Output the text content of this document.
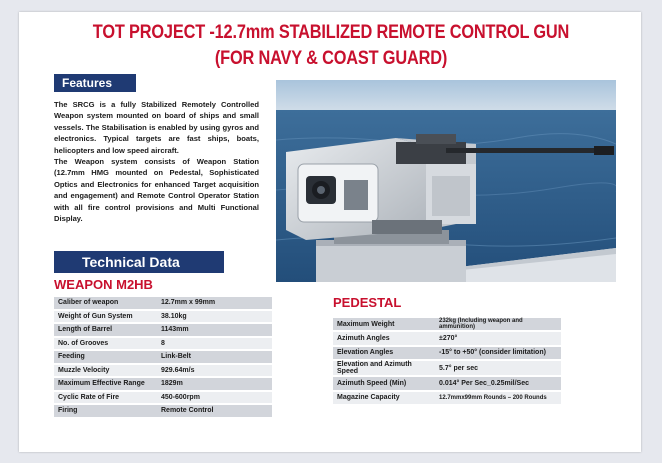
TOT PROJECT -12.7mm STABILIZED REMOTE CONTROL GUN
(FOR NAVY & COAST GUARD)
Features

The SRCG is a fully Stabilized Remotely Controlled Weapon system mounted on board of ships and small vessels. The Stabilisation is enabled by using gyros and electronics. Typical targets are fast ships, boats, helicopters and low speed aircraft.

The Weapon system consists of Weapon Station (12.7mm HMG mounted on Pedestal, Sophisticated Optics and Electronics for enhanced Target acquisition and engagement) and Remote Control Operator Station with all fire control provisions and Multi Functional Display.

Technical Data
WEAPON M2HB
Caliber of weapon	12.7mm x 99mm
Weight of Gun System	38.10kg
Length of Barrel	1143mm
No. of Grooves	8
Feeding	Link-Belt
Muzzle Velocity	929.64m/s
Maximum Effective Range	1829m
Cyclic Rate of Fire	450-600rpm
Firing	Remote Control
PEDESTAL
Maximum Weight	232kg (Including weapon and ammunition)
Azimuth Angles	±270°
Elevation Angles	-15° to +50° (consider limitation)
Elevation and Azimuth Speed	5.7° per sec
Azimuth Speed (Min)	0.014° Per Sec_0.25mil/Sec
Magazine Capacity	12.7mmx99mm Rounds – 200 Rounds
